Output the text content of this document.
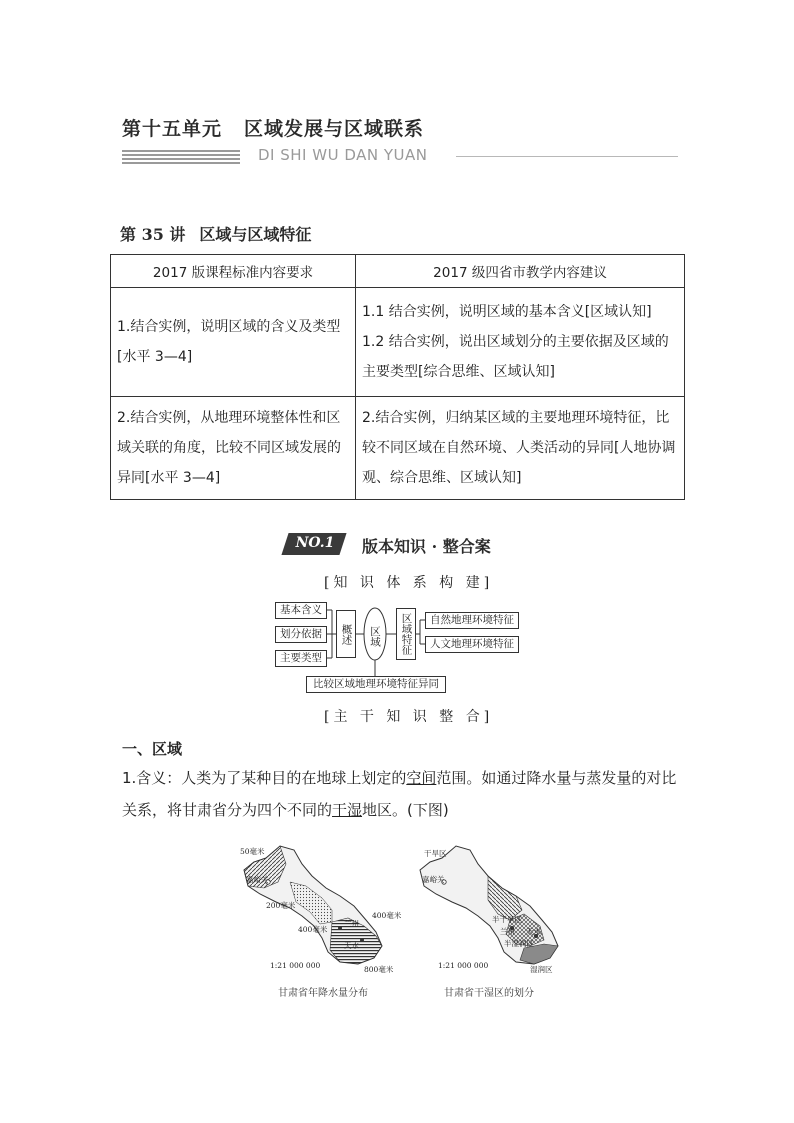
第十五单元 区域发展与区域联系
DI SHI WU DAN YUAN
第 35 讲 区域与区域特征
2017 版课程标准内容要求	2017 级四省市教学内容建议
1.结合实例，说明区域的含义及类型[水平 3—4]	1.1 结合实例，说明区域的基本含义[区域认知]
1.2 结合实例，说出区域划分的主要依据及区域的主要类型[综合思维、区域认知]

2.结合实例，从地理环境整体性和区域关联的角度，比较不同区域发展的异同[水平 3—4]	2.结合实例，归纳某区域的主要地理环境特征，比较不同区域在自然环境、人类活动的异同[人地协调观、综合思维、区域认知]
NO.1	版本知识 · 整合案
[知 识 体 系 构 建]
基本含义
划分依据
主要类型
概述	区域	区域特征	自然地理环境特征
人文地理环境特征
比较区域地理环境特征异同
[主 干 知 识 整 合]
一、区域
1.含义：人类为了某种目的在地球上划定的空间范围。如通过降水量与蒸发量的对比关系，将甘肃省分为四个不同的干湿地区。(下图)
50毫米
嘉峪关
200毫米
兰州
400毫米
400毫米
天水
800毫米
1:21 000 000
干旱区
嘉峪关
半干旱区
兰州 天水
半湿润区
湿润区
1:21 000 000
甘肃省年降水量分布	甘肃省干湿区的划分
